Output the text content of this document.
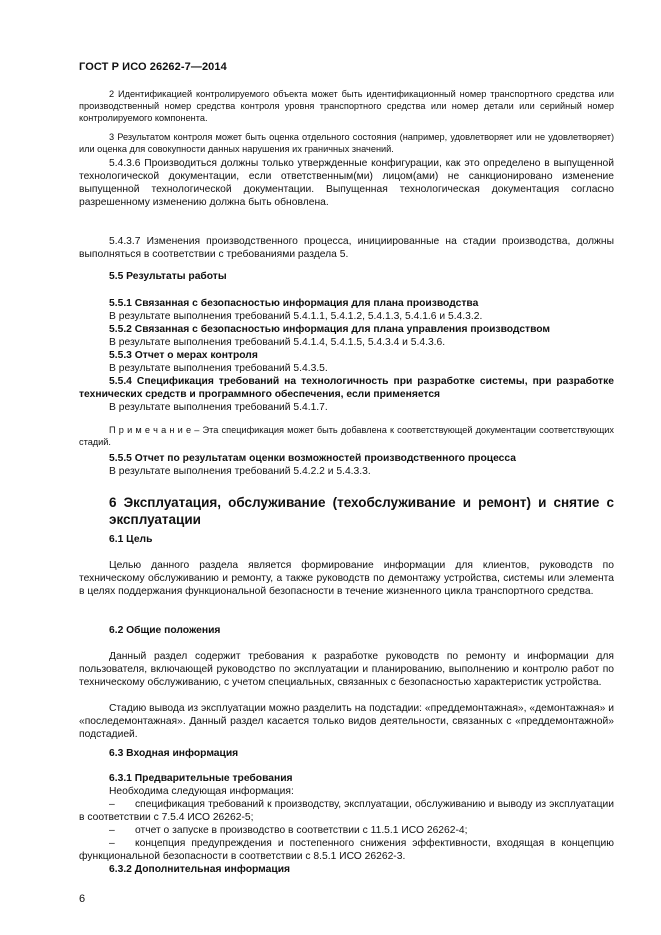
ГОСТ Р ИСО 26262-7—2014
2 Идентификацией контролируемого объекта может быть идентификационный номер транспортного средства или производственный номер средства контроля уровня транспортного средства или номер детали или серийный номер контролируемого компонента.
3 Результатом контроля может быть оценка отдельного состояния (например, удовлетворяет или не удовлетворяет) или оценка для совокупности данных нарушения их граничных значений.
5.4.3.6 Производиться должны только утвержденные конфигурации, как это определено в выпущенной технологической документации, если ответственным(ми) лицом(ами) не санкционировано изменение выпущенной технологической документации. Выпущенная технологическая документация согласно разрешенному изменению должна быть обновлена.
5.4.3.7 Изменения производственного процесса, инициированные на стадии производства, должны выполняться в соответствии с требованиями раздела 5.
5.5 Результаты работы
5.5.1 Связанная с безопасностью информация для плана производства
В результате выполнения требований 5.4.1.1, 5.4.1.2, 5.4.1.3, 5.4.1.6 и 5.4.3.2.
5.5.2 Связанная с безопасностью информация для плана управления производством
В результате выполнения требований 5.4.1.4, 5.4.1.5, 5.4.3.4 и 5.4.3.6.
5.5.3 Отчет о мерах контроля
В результате выполнения требований 5.4.3.5.
5.5.4 Спецификация требований на технологичность при разработке системы, при разработке технических средств и программного обеспечения, если применяется
В результате выполнения требований 5.4.1.7.
П р и м е ч а н и е – Эта спецификация может быть добавлена к соответствующей документации соответствующих стадий.
5.5.5 Отчет по результатам оценки возможностей производственного процесса
В результате выполнения требований 5.4.2.2 и 5.4.3.3.
6 Эксплуатация, обслуживание (техобслуживание и ремонт) и снятие с эксплуатации
6.1 Цель
Целью данного раздела является формирование информации для клиентов, руководств по техническому обслуживанию и ремонту, а также руководств по демонтажу устройства, системы или элемента в целях поддержания функциональной безопасности в течение жизненного цикла транспортного средства.
6.2 Общие положения
Данный раздел содержит требования к разработке руководств по ремонту и информации для пользователя, включающей руководство по эксплуатации и планированию, выполнению и контролю работ по техническому обслуживанию, с учетом специальных, связанных с безопасностью характеристик устройства.
Стадию вывода из эксплуатации можно разделить на подстадии: «преддемонтажная», «демонтажная» и «последемонтажная». Данный раздел касается только видов деятельности, связанных с «преддемонтажной» подстадией.
6.3 Входная информация
6.3.1 Предварительные требования
Необходима следующая информация:
– спецификация требований к производству, эксплуатации, обслуживанию и выводу из эксплуатации в соответствии с 7.5.4 ИСО 26262-5;
– отчет о запуске в производство в соответствии с 11.5.1 ИСО 26262-4;
– концепция предупреждения и постепенного снижения эффективности, входящая в концепцию функциональной безопасности в соответствии с 8.5.1 ИСО 26262-3.
6.3.2 Дополнительная информация
6
